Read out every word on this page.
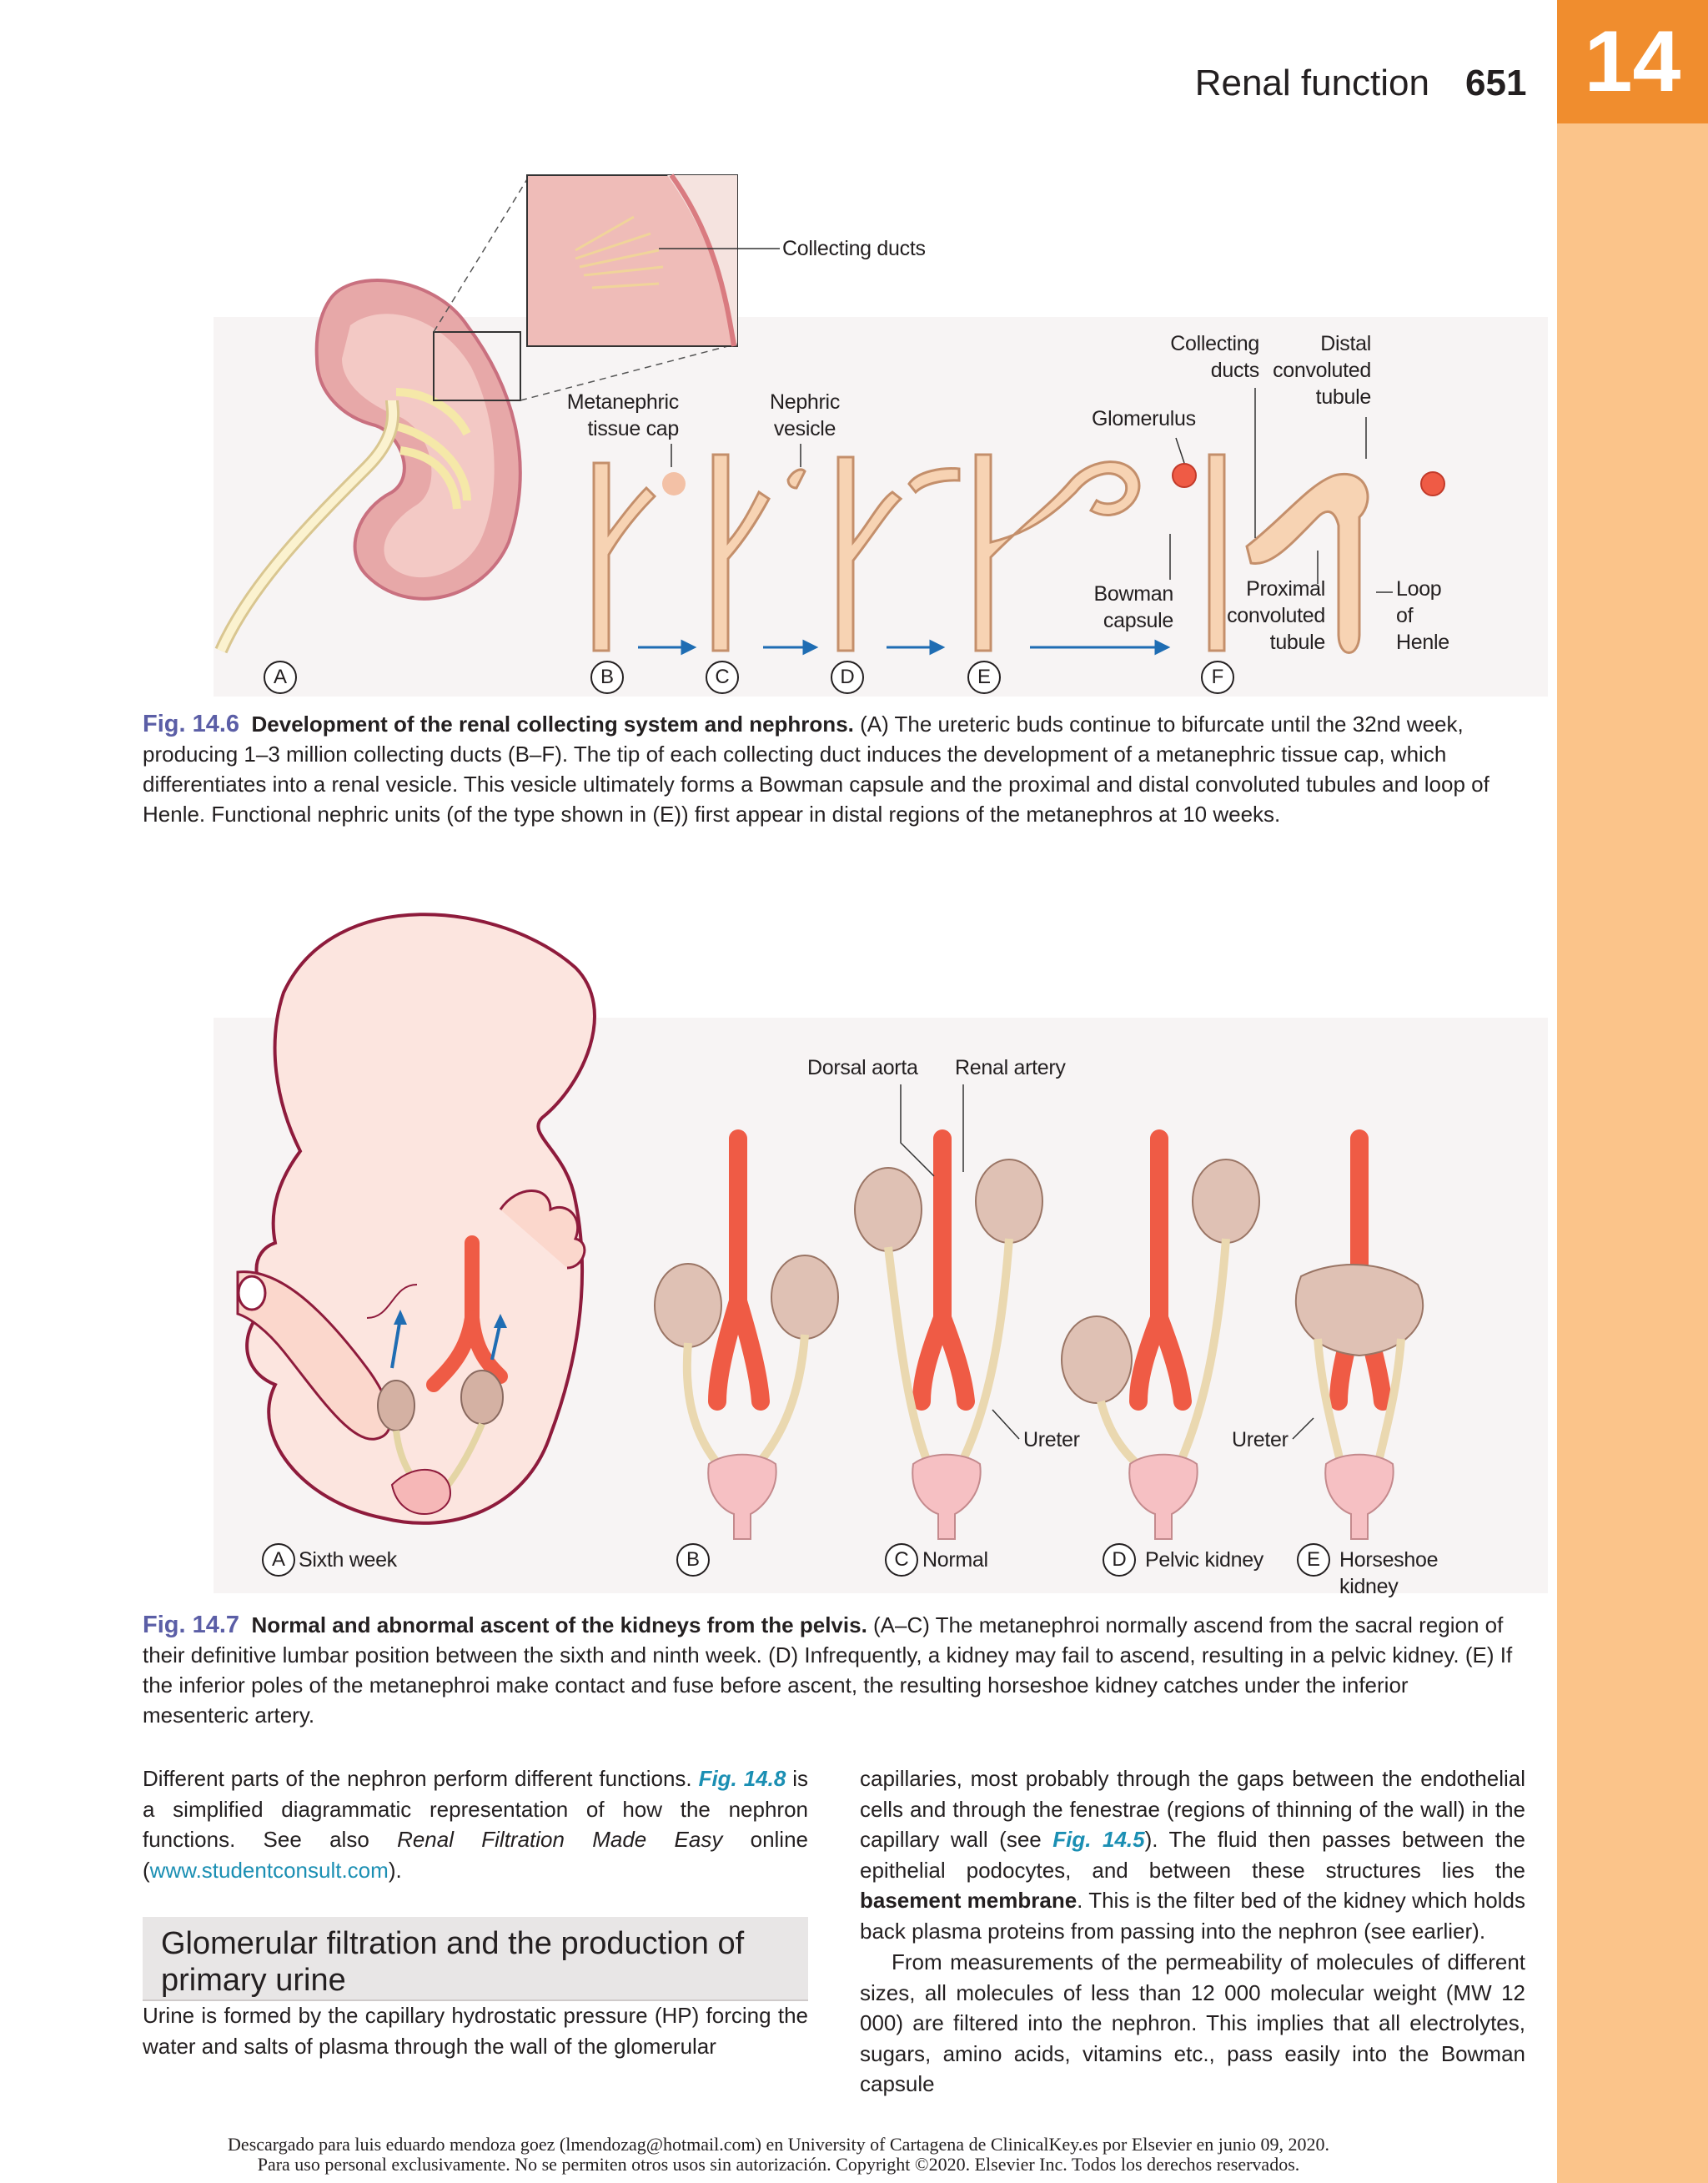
14
Renal function 651
Collecting ducts
Metanephric
tissue cap
Nephric
vesicle	Glomerulus
Collecting
ducts
Distal
convoluted
tubule
Bowman
capsule
Proximal
convoluted
tubule
Loop
of
Henle
A	B	C	D	E	F
Fig. 14.6 Development of the renal collecting system and nephrons. (A) The ureteric buds continue to bifurcate until the 32nd week, producing 1–3 million collecting ducts (B–F). The tip of each collecting duct induces the development of a metanephric tissue cap, which differentiates into a renal vesicle. This vesicle ultimately forms a Bowman capsule and the proximal and distal convoluted tubules and loop of Henle. Functional nephric units (of the type shown in (E)) first appear in distal regions of the metanephros at 10 weeks.
Dorsal aorta Renal artery
Ureter	Ureter
A Sixth week	B	C Normal	D Pelvic kidney	E Horseshoe
kidney
Fig. 14.7 Normal and abnormal ascent of the kidneys from the pelvis. (A–C) The metanephroi normally ascend from the sacral region of their definitive lumbar position between the sixth and ninth week. (D) Infrequently, a kidney may fail to ascend, resulting in a pelvic kidney. (E) If the inferior poles of the metanephroi make contact and fuse before ascent, the resulting horseshoe kidney catches under the inferior mesenteric artery.
Different parts of the nephron perform different functions. Fig. 14.8 is a simplified diagrammatic representation of how the nephron functions. See also Renal Filtration Made Easy online (www.studentconsult.com).
Glomerular filtration and the production of primary urine
Urine is formed by the capillary hydrostatic pressure (HP) forcing the water and salts of plasma through the wall of the glomerular
capillaries, most probably through the gaps between the endothelial cells and through the fenestrae (regions of thinning of the wall) in the capillary wall (see Fig. 14.5). The fluid then passes between the epithelial podocytes, and between these structures lies the basement membrane. This is the filter bed of the kidney which holds back plasma proteins from passing into the nephron (see earlier).
From measurements of the permeability of molecules of different sizes, all molecules of less than 12 000 molecular weight (MW 12 000) are filtered into the nephron. This implies that all electrolytes, sugars, amino acids, vitamins etc., pass easily into the Bowman capsule
Descargado para luis eduardo mendoza goez (lmendozag@hotmail.com) en University of Cartagena de ClinicalKey.es por Elsevier en junio 09, 2020.
Para uso personal exclusivamente. No se permiten otros usos sin autorización. Copyright ©2020. Elsevier Inc. Todos los derechos reservados.
